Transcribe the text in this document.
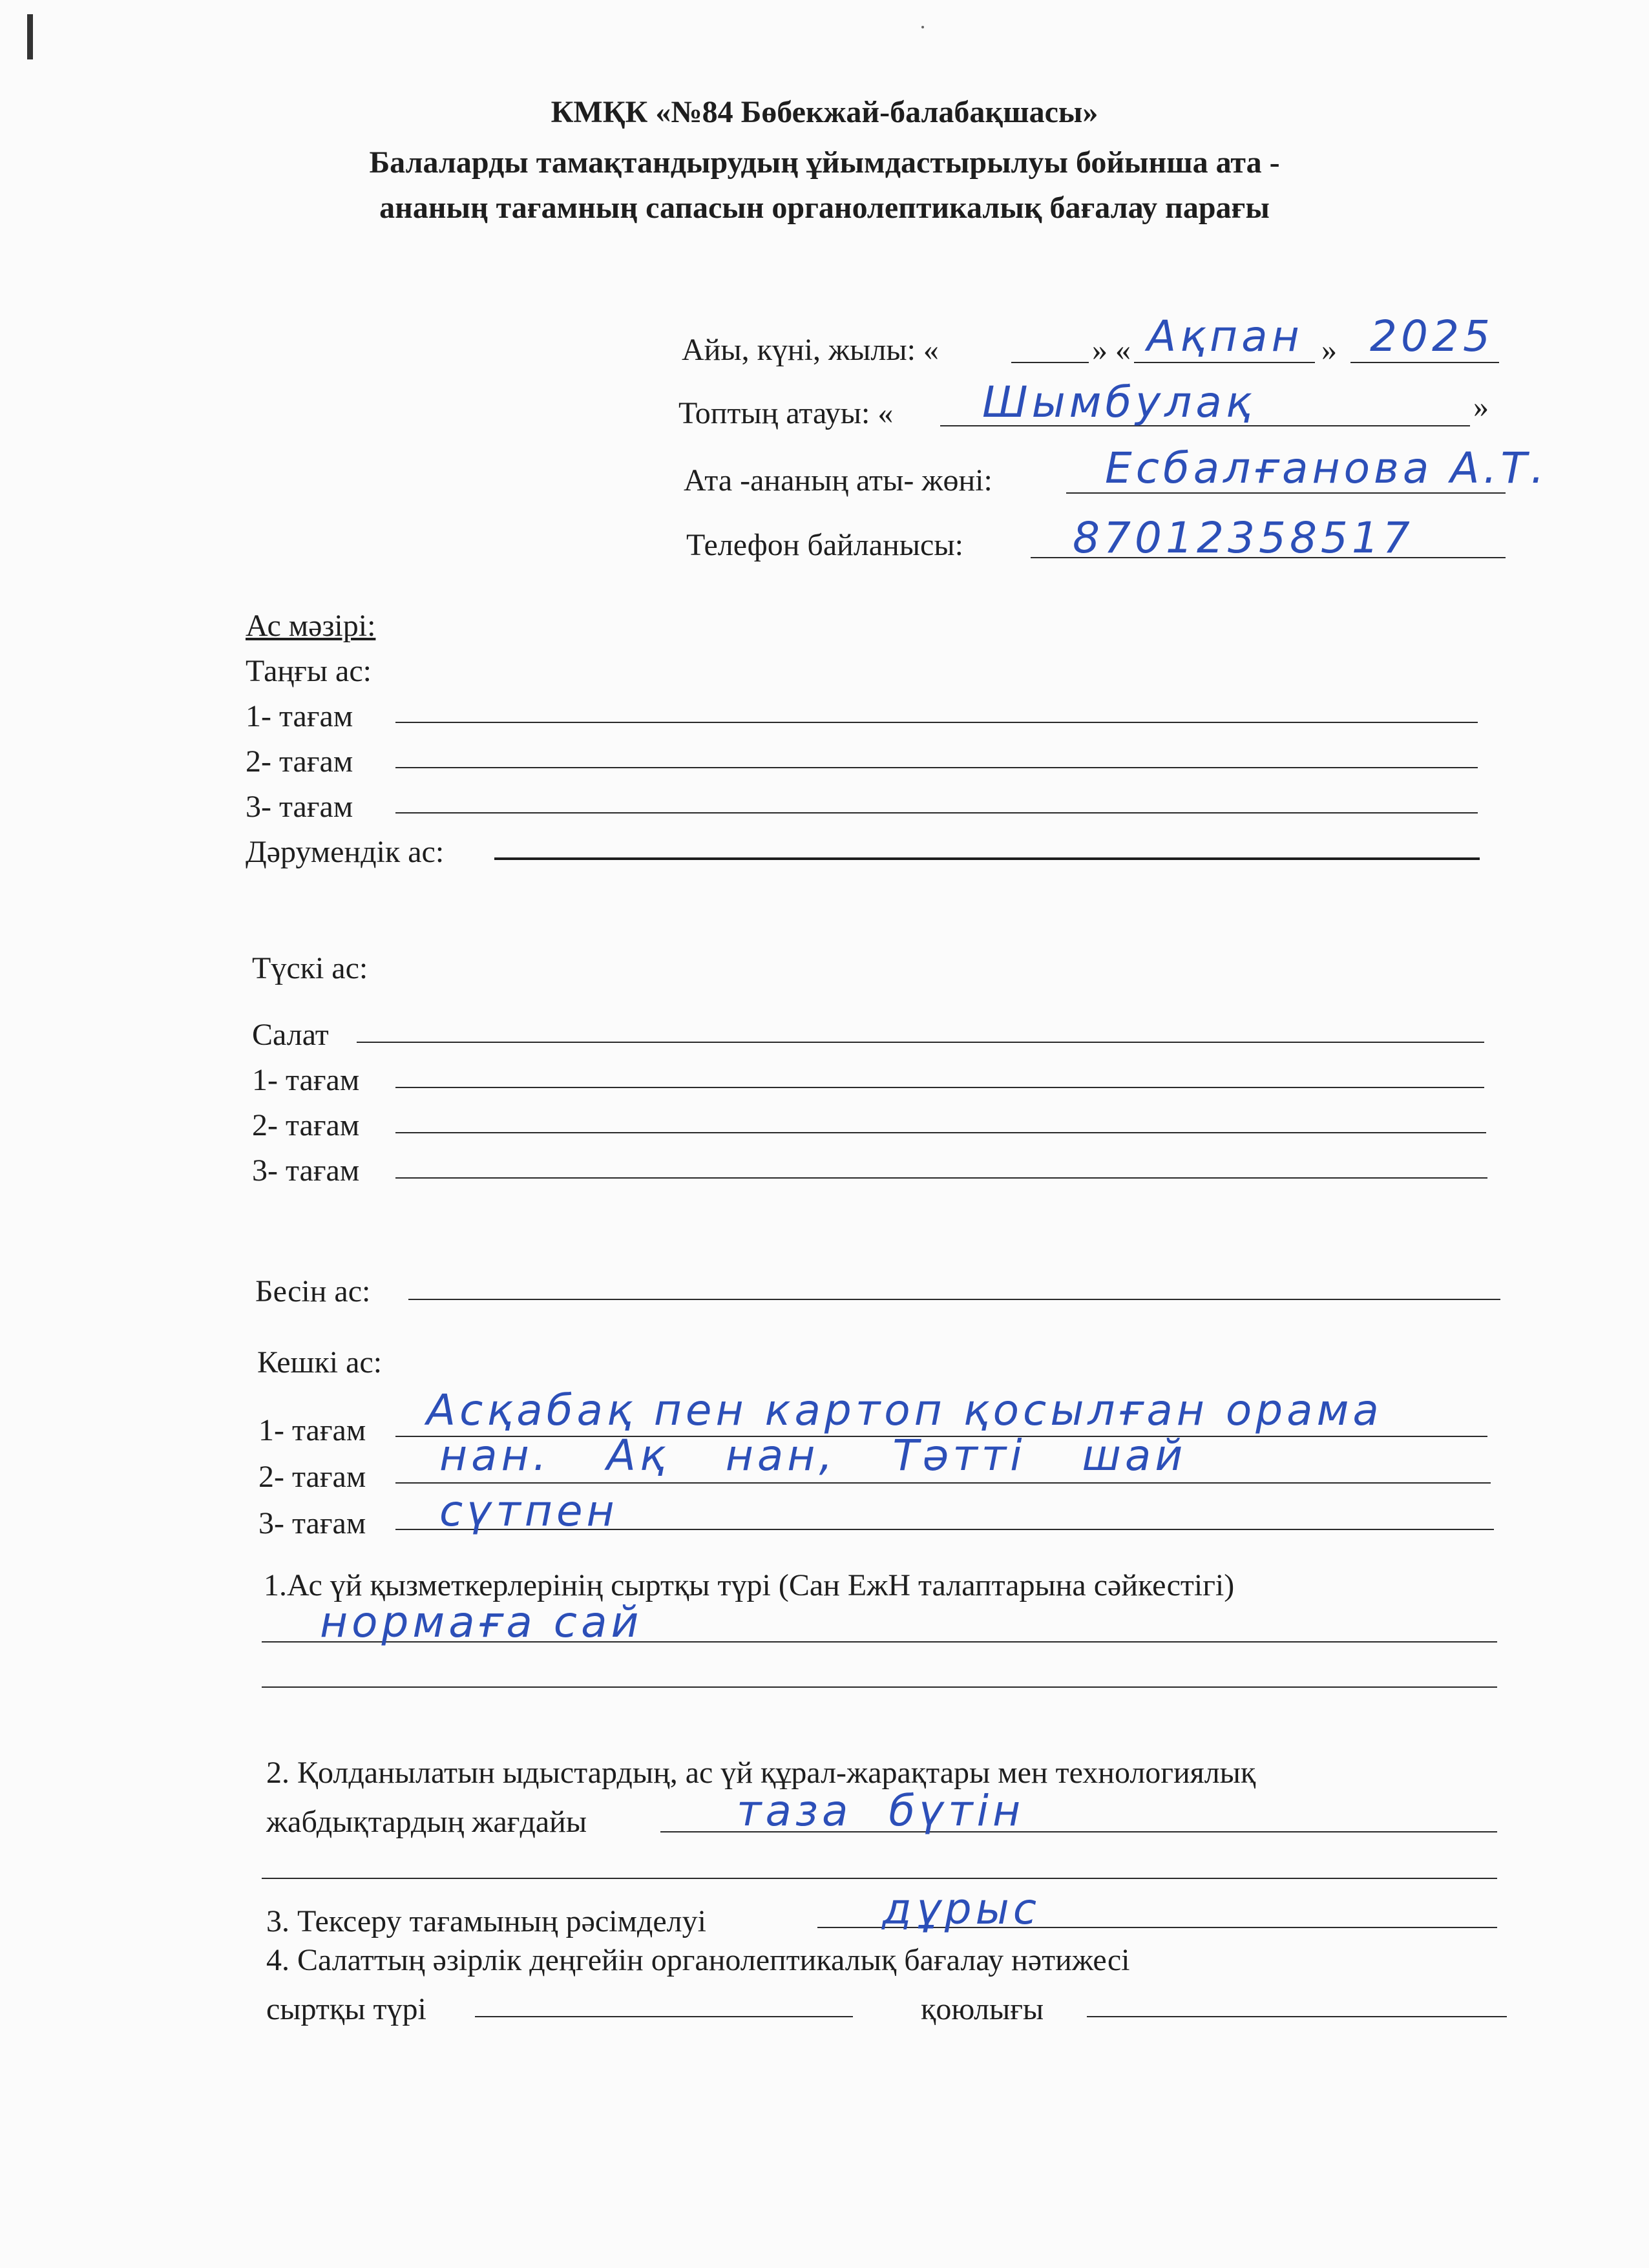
КМҚК «№84 Бөбекжай-балабақшасы»
Балаларды тамақтандырудың ұйымдастырылуы бойынша ата -
ананың тағамның сапасын органолептикалық бағалау парағы
Айы, күні, жылы: «	» « Ақпан » 2025
Топтың атауы: « Шымбулақ	»
Ата -ананың аты- жөні:	Есбалғанова А.Т.
Телефон байланысы:	87012358517
Ас мәзірі:
Таңғы ас:
1- тағам
2- тағам
3- тағам
Дәрумендік ас:
Түскі ас:
Салат
1- тағам
2- тағам
3- тағам
Бесін ас:
Кешкі ас:
1- тағам Асқабақ пен картоп қосылған орама
2- тағам нан. Ақ нан, Тәтті шай
3- тағам сүтпен
1.Ас үй қызметкерлерінің сыртқы түрі (Сан ЕжН талаптарына сәйкестігі)
нормаға сай
2. Қолданылатын ыдыстардың, ас үй құрал-жарақтары мен технологиялық
жабдықтардың жағдайы	таза бүтін
3. Тексеру тағамының рәсімделуі	дұрыс
4. Салаттың әзірлік деңгейін органолептикалық бағалау нәтижесі
сыртқы түрі	қоюлығы
